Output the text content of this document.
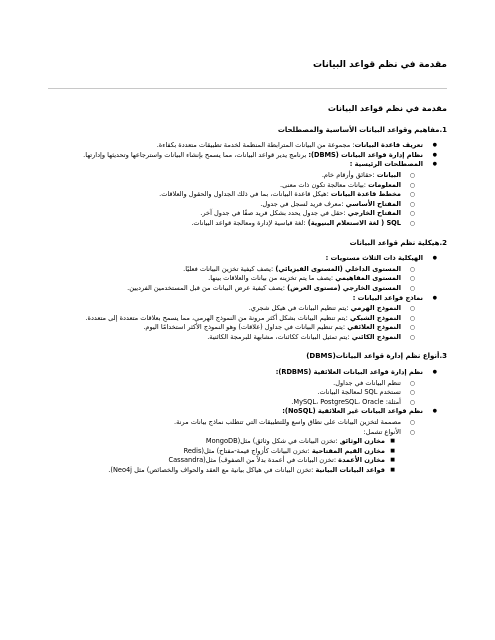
مقدمة في نظم قواعد البيانات
مقدمة في نظم قواعد البيانات
1.مفاهيم وقواعد البيانات الأساسية والمصطلحات
● تعريف قاعدة البيانات: مجموعة من البيانات المترابطة المنظمة لخدمة تطبيقات متعددة بكفاءة.
● نظام إدارة قواعد البيانات (DBMS): برنامج يدير قواعد البيانات، مما يسمح بإنشاء البيانات واسترجاعها وتحديثها وإدارتها.
● المصطلحات الرئيسية :
○ البيانات :حقائق وأرقام خام.
○ المعلومات :بيانات معالجة تكون ذات معنى.
○ مخطط قاعدة البيانات :هيكل قاعدة البيانات، بما في ذلك الجداول والحقول والعلاقات.
○ المفتاح الأساسي :معرف فريد لسجل في جدول.
○ المفتاح الخارجي :حقل في جدول يحدد بشكل فريد صفًا في جدول آخر.
○ SQL ( لغة الاستعلام البنيوية) :لغة قياسية لإدارة ومعالجة قواعد البيانات.
2.هيكلية نظم قواعد البيانات
● الهيكلية ذات الثلاث مستويات :
○ المستوى الداخلي (المستوى الفيزيائي) :يصف كيفية تخزين البيانات فعليًا.
○ المستوى المفاهيمي :يصف ما يتم تخزينه من بيانات والعلاقات بينها.
○ المستوى الخارجي (مستوى العرض) :يصف كيفية عرض البيانات من قبل المستخدمين الفرديين.
● نماذج قواعد البيانات :
○ النموذج الهرمي :يتم تنظيم البيانات في هيكل شجري.
○ النموذج الشبكي :يتم تنظيم البيانات بشكل أكثر مرونة من النموذج الهرمي، مما يسمح بعلاقات متعددة إلى متعددة.
○ النموذج العلائقي :يتم تنظيم البيانات في جداول (علاقات) وهو النموذج الأكثر استخدامًا اليوم.
○ النموذج الكائني :يتم تمثيل البيانات ككائنات، مشابهة للبرمجة الكائنية.
3.أنواع نظم إدارة قواعد البيانات(DBMS)
● نظم إدارة قواعد البيانات العلائقية (RDBMS):
○ تنظم البيانات في جداول.
○ تستخدم SQL لمعالجة البيانات.
○ أمثلة: MySQL، PostgreSQL، Oracle.
● نظم قواعد البيانات غير العلائقية (NoSQL):
○ مصممة لتخزين البيانات على نطاق واسع وللتطبيقات التي تتطلب نماذج بيانات مرنة.
○ الأنواع تشمل:
■ مخازن الوثائق :تخزن البيانات في شكل وثائق) مثل(MongoDB
■ مخازن القيم المفتاحية :تخزن البيانات كأزواج قيمة-مفتاح) مثل(Redis
■ مخازن الأعمدة :تخزن البيانات في أعمدة بدلاً من الصفوف) مثل(Cassandra
■ قواعد البيانات البيانية :تخزن البيانات في هياكل بيانية مع العقد والحواف والخصائص) مثل Neo4j).
